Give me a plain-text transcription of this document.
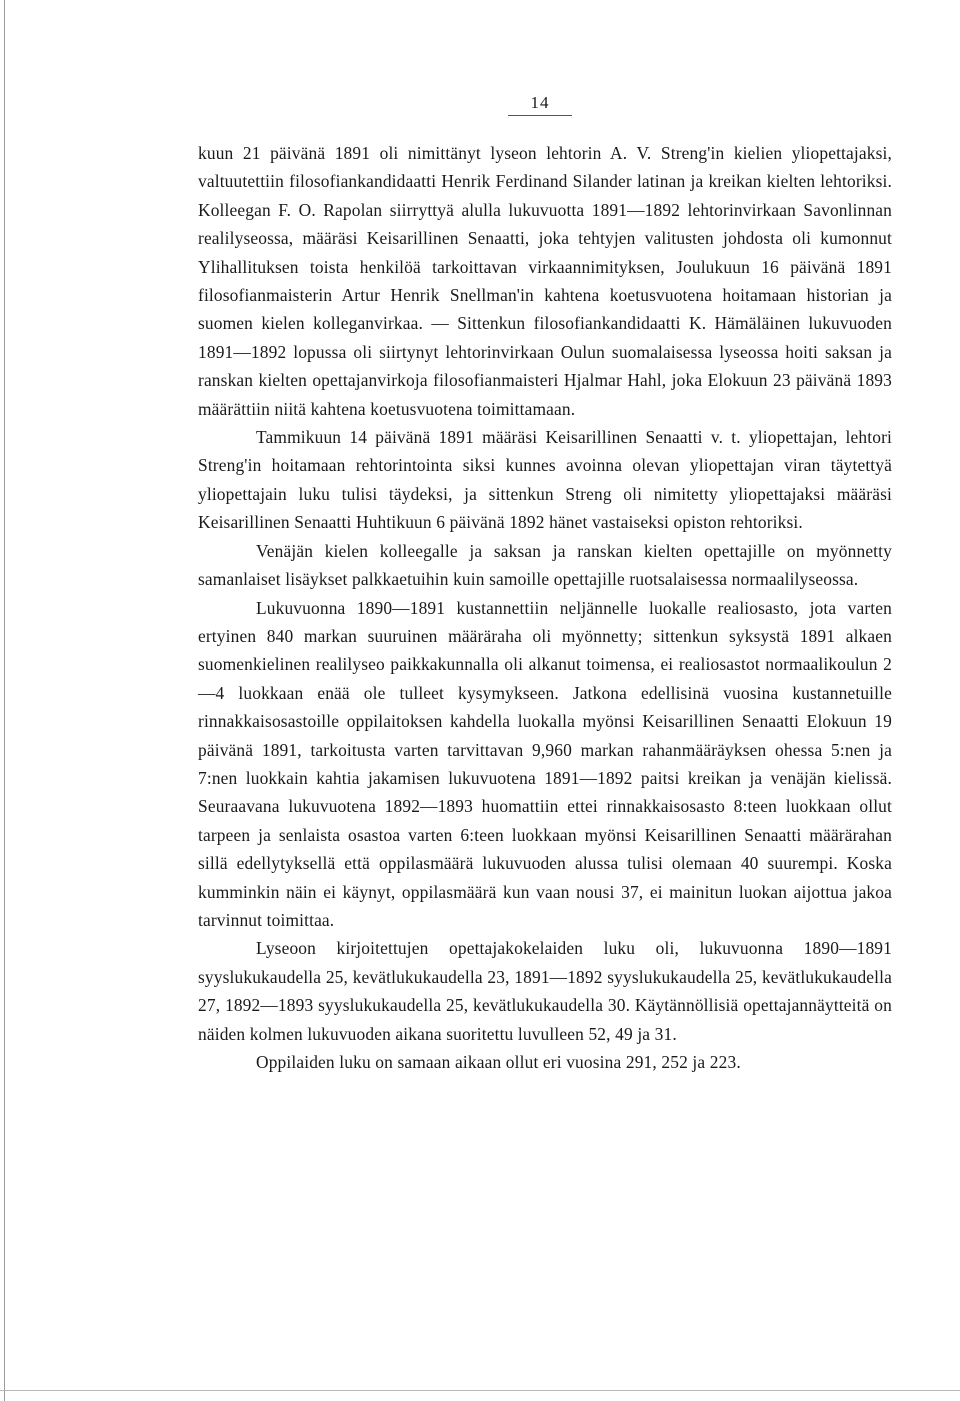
14

kuun 21 päivänä 1891 oli nimittänyt lyseon lehtorin A. V. Streng'in kielien yliopettajaksi, valtuutettiin filosofiankandidaatti Henrik Ferdinand Silander latinan ja kreikan kielten lehtoriksi. Kolleegan F. O. Rapolan siirryttyä alulla lukuvuotta 1891—1892 lehtorinvirkaan Savonlinnan realilyseossa, määräsi Keisarillinen Senaatti, joka tehtyjen valitusten johdosta oli kumonnut Ylihallituksen toista henkilöä tarkoittavan virkaannimityksen, Joulukuun 16 päivänä 1891 filosofianmaisterin Artur Henrik Snellman'in kahtena koetusvuotena hoitamaan historian ja suomen kielen kolleganvirkaa. — Sittenkun filosofiankandidaatti K. Hämäläinen lukuvuoden 1891—1892 lopussa oli siirtynyt lehtorinvirkaan Oulun suomalaisessa lyseossa hoiti saksan ja ranskan kielten opettajanvirkoja filosofianmaisteri Hjalmar Hahl, joka Elokuun 23 päivänä 1893 määrättiin niitä kahtena koetusvuotena toimittamaan.

Tammikuun 14 päivänä 1891 määräsi Keisarillinen Senaatti v. t. yliopettajan, lehtori Streng'in hoitamaan rehtorintointa siksi kunnes avoinna olevan yliopettajan viran täytettyä yliopettajain luku tulisi täydeksi, ja sittenkun Streng oli nimitetty yliopettajaksi määräsi Keisarillinen Senaatti Huhtikuun 6 päivänä 1892 hänet vastaiseksi opiston rehtoriksi.

Venäjän kielen kolleegalle ja saksan ja ranskan kielten opettajille on myönnetty samanlaiset lisäykset palkkaetuihin kuin samoille opettajille ruotsalaisessa normaalilyseossa.

Lukuvuonna 1890—1891 kustannettiin neljännelle luokalle realiosasto, jota varten ertyinen 840 markan suuruinen määräraha oli myönnetty; sittenkun syksystä 1891 alkaen suomenkielinen realilyseo paikkakunnalla oli alkanut toimensa, ei realiosastot normaalikoulun 2—4 luokkaan enää ole tulleet kysymykseen. Jatkona edellisinä vuosina kustannetuille rinnakkaisosastoille oppilaitoksen kahdella luokalla myönsi Keisarillinen Senaatti Elokuun 19 päivänä 1891, tarkoitusta varten tarvittavan 9,960 markan rahanmääräyksen ohessa 5:nen ja 7:nen luokkain kahtia jakamisen lukuvuotena 1891—1892 paitsi kreikan ja venäjän kielissä. Seuraavana lukuvuotena 1892—1893 huomattiin ettei rinnakkaisosasto 8:teen luokkaan ollut tarpeen ja senlaista osastoa varten 6:teen luokkaan myönsi Keisarillinen Senaatti määrärahan sillä edellytyksellä että oppilasmäärä lukuvuoden alussa tulisi olemaan 40 suurempi. Koska kumminkin näin ei käynyt, oppilasmäärä kun vaan nousi 37, ei mainitun luokan aijottua jakoa tarvinnut toimittaa.

Lyseoon kirjoitettujen opettajakokelaiden luku oli, lukuvuonna 1890—1891 syyslukukaudella 25, kevätlukukaudella 23, 1891—1892 syyslukukaudella 25, kevätlukukaudella 27, 1892—1893 syyslukukaudella 25, kevätlukukaudella 30. Käytännöllisiä opettajannäytteitä on näiden kolmen lukuvuoden aikana suoritettu luvulleen 52, 49 ja 31.

Oppilaiden luku on samaan aikaan ollut eri vuosina 291, 252 ja 223.
